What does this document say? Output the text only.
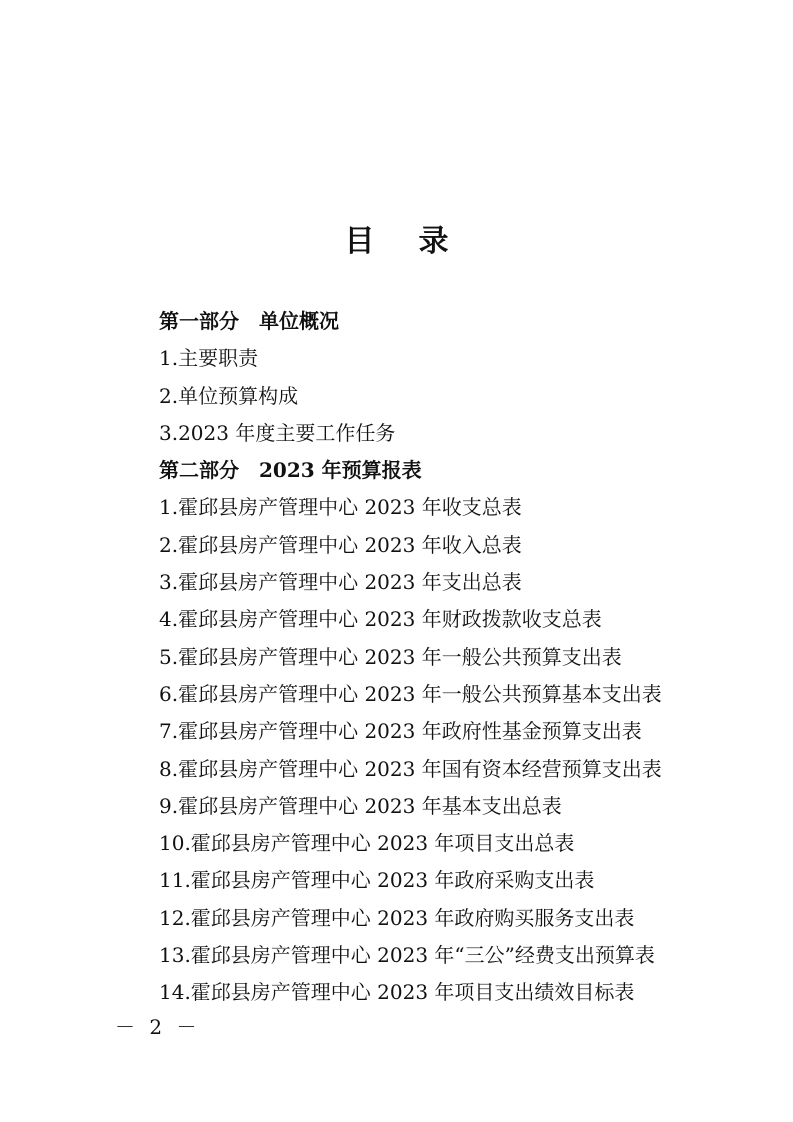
目录
第一部分　单位概况
1.主要职责
2.单位预算构成
3.2023 年度主要工作任务
第二部分　2023 年预算报表
1.霍邱县房产管理中心 2023 年收支总表
2.霍邱县房产管理中心 2023 年收入总表
3.霍邱县房产管理中心 2023 年支出总表
4.霍邱县房产管理中心 2023 年财政拨款收支总表
5.霍邱县房产管理中心 2023 年一般公共预算支出表
6.霍邱县房产管理中心 2023 年一般公共预算基本支出表
7.霍邱县房产管理中心 2023 年政府性基金预算支出表
8.霍邱县房产管理中心 2023 年国有资本经营预算支出表
9.霍邱县房产管理中心 2023 年基本支出总表
10.霍邱县房产管理中心 2023 年项目支出总表
11.霍邱县房产管理中心 2023 年政府采购支出表
12.霍邱县房产管理中心 2023 年政府购买服务支出表
13.霍邱县房产管理中心 2023 年“三公”经费支出预算表
14.霍邱县房产管理中心 2023 年项目支出绩效目标表
－ 2 －
